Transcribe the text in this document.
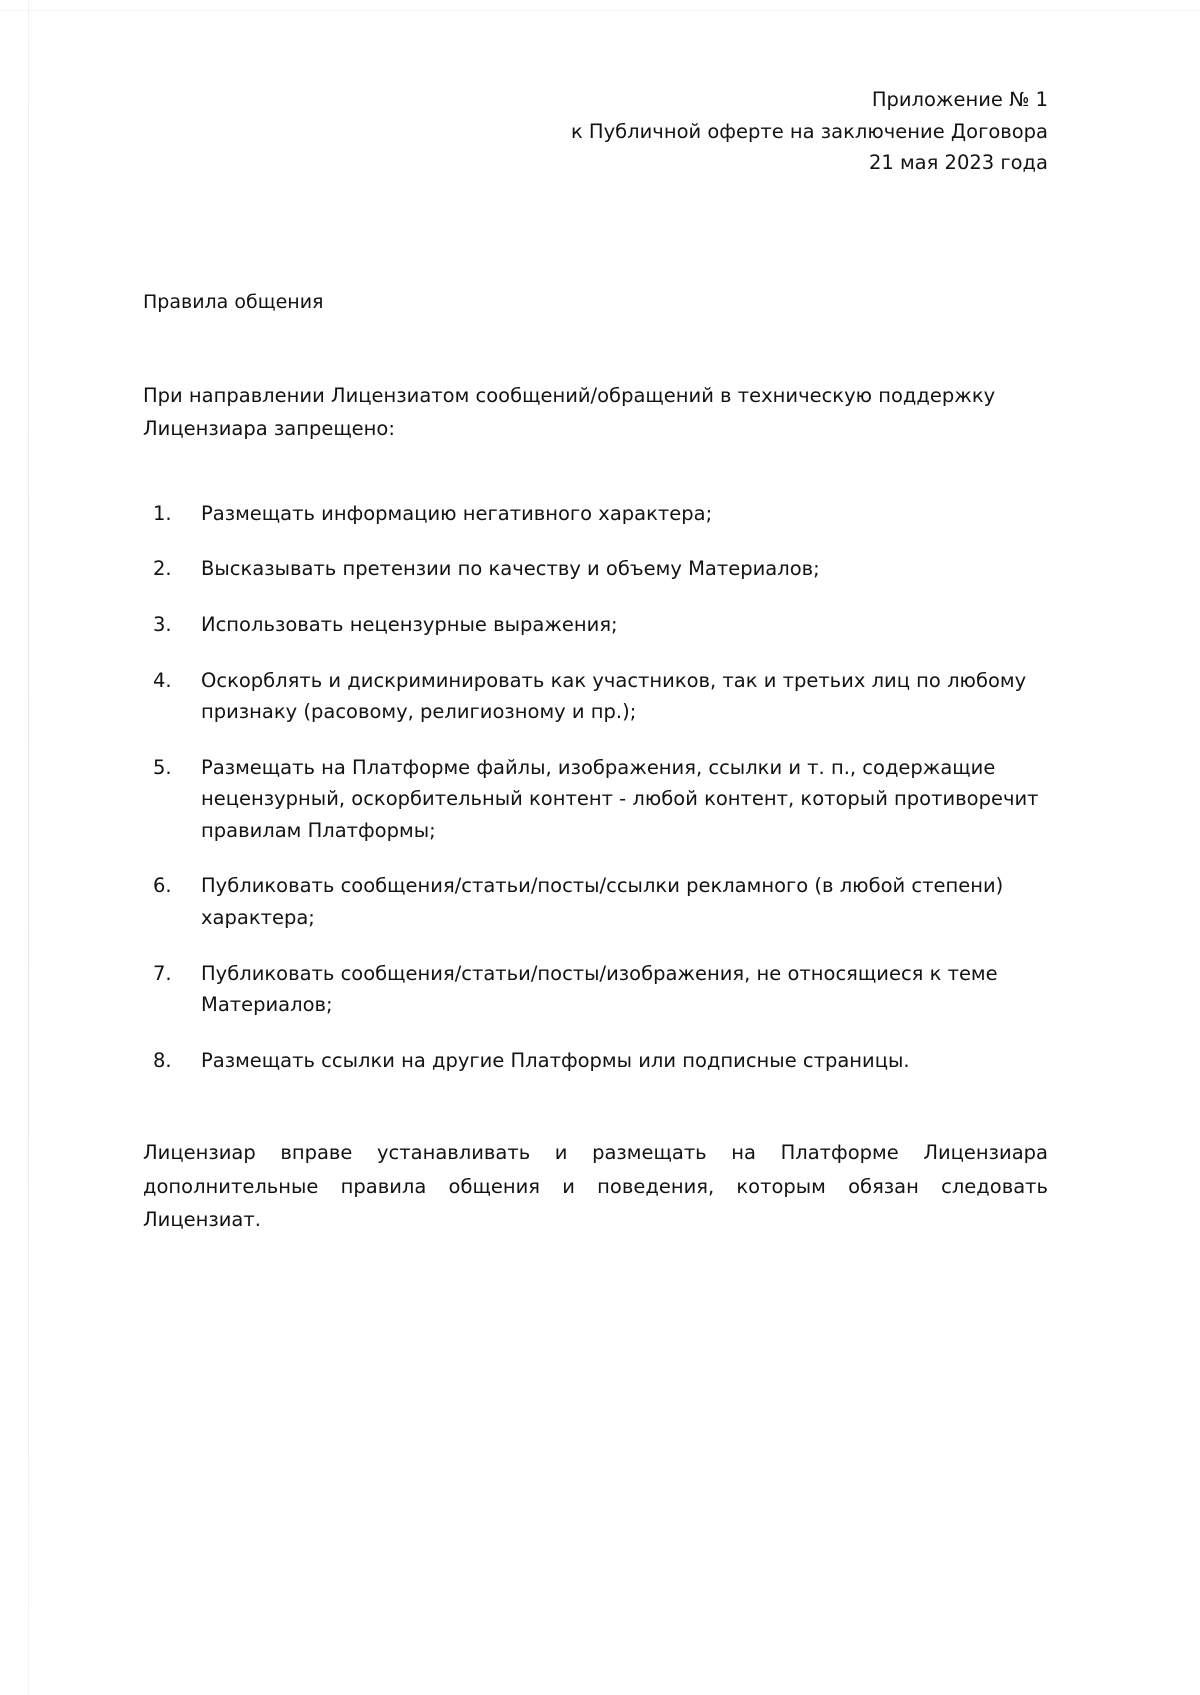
Приложение № 1
к Публичной оферте на заключение Договора
21 мая 2023 года
Правила общения

При направлении Лицензиатом сообщений/обращений в техническую поддержку Лицензиара запрещено:

Размещать информацию негативного характера;
Высказывать претензии по качеству и объему Материалов;
Использовать нецензурные выражения;
Оскорблять и дискриминировать как участников, так и третьих лиц по любому признаку (расовому, религиозному и пр.);
Размещать на Платформе файлы, изображения, ссылки и т. п., содержащие нецензурный, оскорбительный контент - любой контент, который противоречит правилам Платформы;
Публиковать сообщения/статьи/посты/ссылки рекламного (в любой степени) характера;
Публиковать сообщения/статьи/посты/изображения, не относящиеся к теме Материалов;
Размещать ссылки на другие Платформы или подписные страницы.

Лицензиар вправе устанавливать и размещать на Платформе Лицензиара дополнительные правила общения и поведения, которым обязан следовать Лицензиат.
